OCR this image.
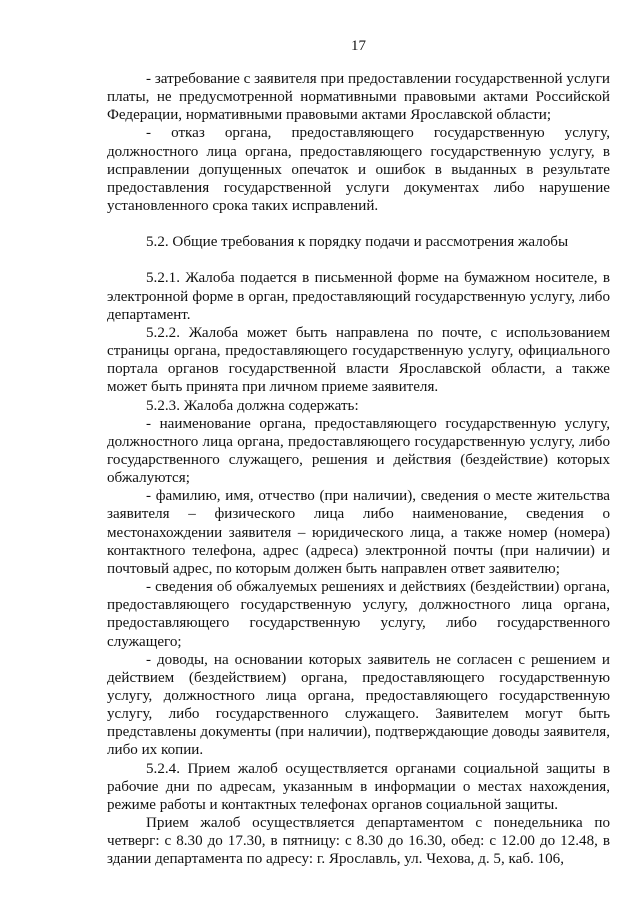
17

- затребование с заявителя при предоставлении государственной услуги платы, не предусмотренной нормативными правовыми актами Российской Федерации, нормативными правовыми актами Ярославской области;

- отказ органа, предоставляющего государственную услугу, должностного лица органа, предоставляющего государственную услугу, в исправлении допущенных опечаток и ошибок в выданных в результате предоставления государственной услуги документах либо нарушение установленного срока таких исправлений.

5.2. Общие требования к порядку подачи и рассмотрения жалобы

5.2.1. Жалоба подается в письменной форме на бумажном носителе, в электронной форме в орган, предоставляющий государственную услугу, либо департамент.

5.2.2. Жалоба может быть направлена по почте, с использованием страницы органа, предоставляющего государственную услугу, официального портала органов государственной власти Ярославской области, а также может быть принята при личном приеме заявителя.

5.2.3. Жалоба должна содержать:

- наименование органа, предоставляющего государственную услугу, должностного лица органа, предоставляющего государственную услугу, либо государственного служащего, решения и действия (бездействие) которых обжалуются;

- фамилию, имя, отчество (при наличии), сведения о месте жительства заявителя – физического лица либо наименование, сведения о местонахождении заявителя – юридического лица, а также номер (номера) контактного телефона, адрес (адреса) электронной почты (при наличии) и почтовый адрес, по которым должен быть направлен ответ заявителю;

- сведения об обжалуемых решениях и действиях (бездействии) органа, предоставляющего государственную услугу, должностного лица органа, предоставляющего государственную услугу, либо государственного служащего;

- доводы, на основании которых заявитель не согласен с решением и действием (бездействием) органа, предоставляющего государственную услугу, должностного лица органа, предоставляющего государственную услугу, либо государственного служащего. Заявителем могут быть представлены документы (при наличии), подтверждающие доводы заявителя, либо их копии.

5.2.4. Прием жалоб осуществляется органами социальной защиты в рабочие дни по адресам, указанным в информации о местах нахождения, режиме работы и контактных телефонах органов социальной защиты.

Прием жалоб осуществляется департаментом с понедельника по четверг: с 8.30 до 17.30, в пятницу: с 8.30 до 16.30, обед: с 12.00 до 12.48, в здании департамента по адресу: г. Ярославль, ул. Чехова, д. 5, каб. 106,
